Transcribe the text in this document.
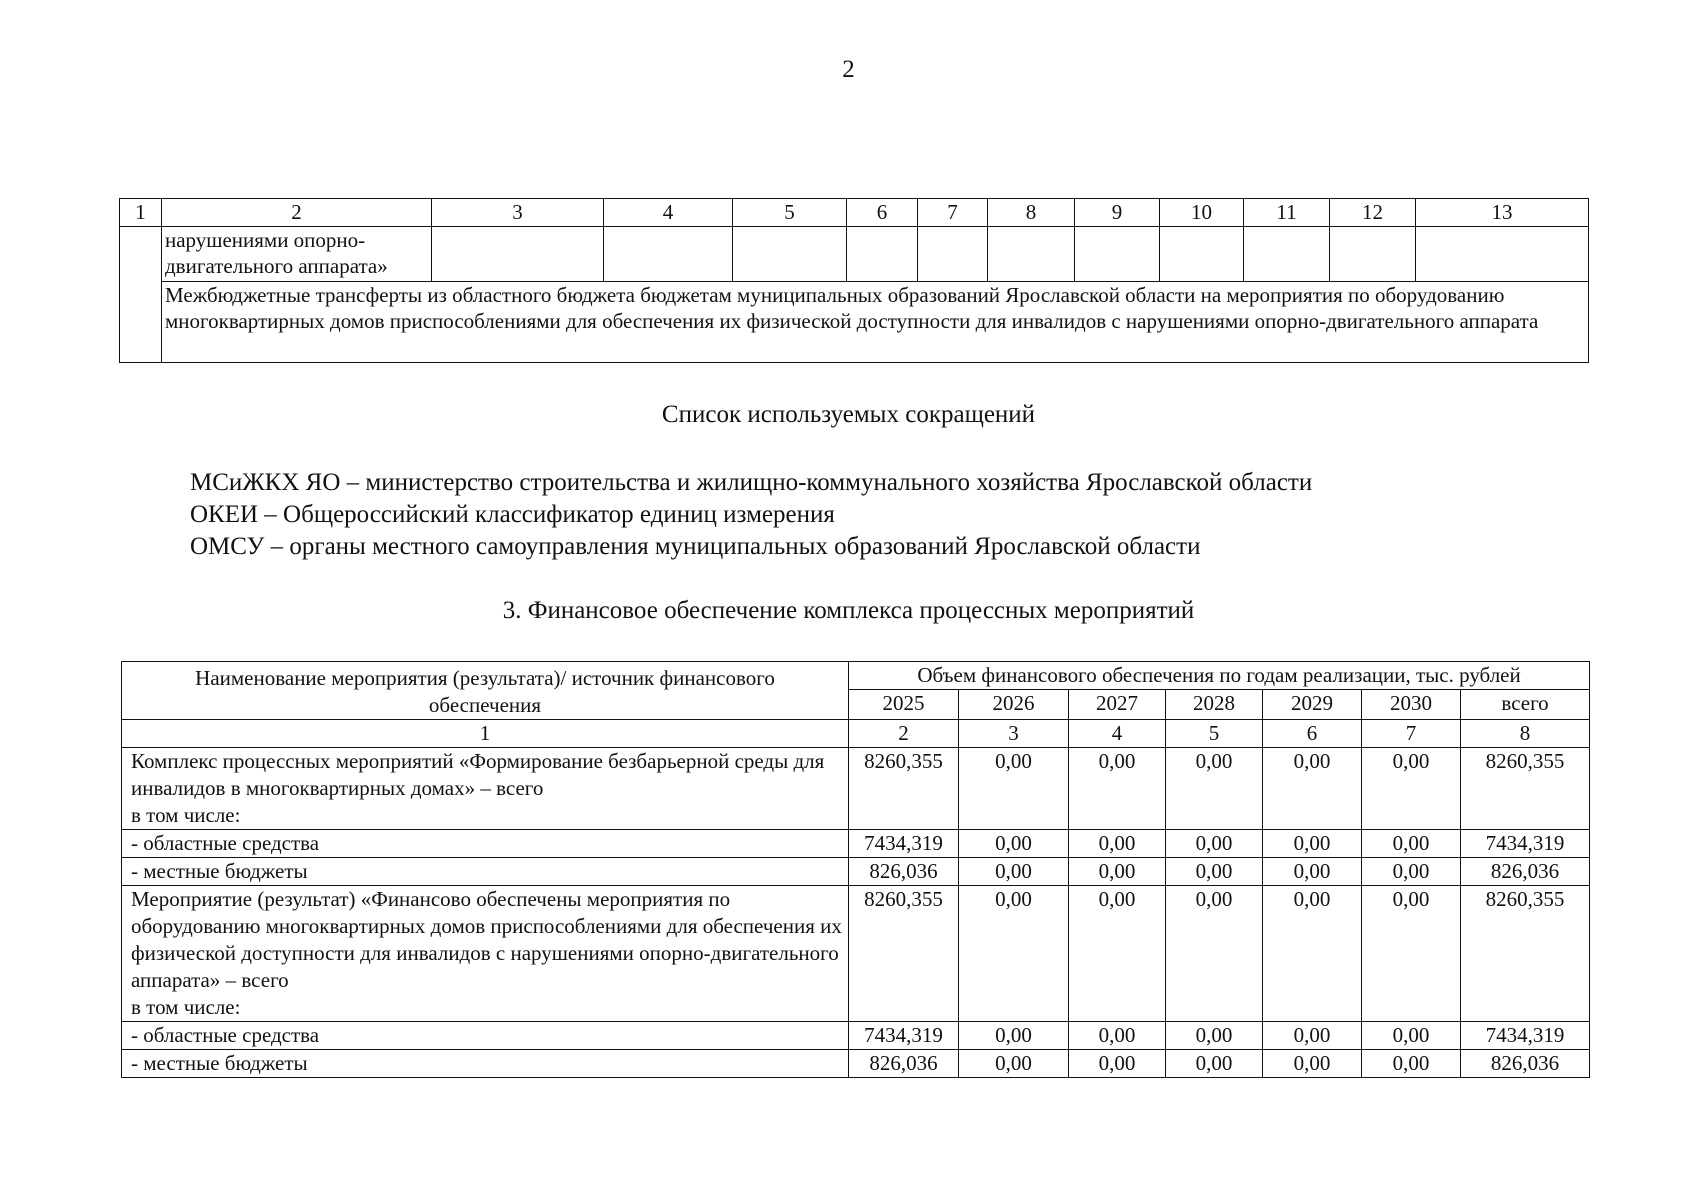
2
1	2	3	4	5	6	7	8	9	10	11	12	13
	нарушениями опорно-двигательного аппарата»											
	Межбюджетные трансферты из областного бюджета бюджетам муниципальных образований Ярославской области на мероприятия по оборудованию многоквартирных домов приспособлениями для обеспечения их физической доступности для инвалидов с нарушениями опорно-двигательного аппарата											
Список используемых сокращений
МСиЖКХ ЯО – министерство строительства и жилищно-коммунального хозяйства Ярославской области
ОКЕИ – Общероссийский классификатор единиц измерения
ОМСУ – органы местного самоуправления муниципальных образований Ярославской области
3. Финансовое обеспечение комплекса процессных мероприятий
Наименование мероприятия (результата)/ источник финансового обеспечения	Объем финансового обеспечения по годам реализации, тыс. рублей						
	2025	2026	2027	2028	2029	2030	всего
1	2	3	4	5	6	7	8
Комплекс процессных мероприятий «Формирование безбарьерной среды для инвалидов в многоквартирных домах» – всего
в том числе:	8260,355	0,00	0,00	0,00	0,00	0,00	8260,355
- областные средства	7434,319	0,00	0,00	0,00	0,00	0,00	7434,319
- местные бюджеты	826,036	0,00	0,00	0,00	0,00	0,00	826,036
Мероприятие (результат) «Финансово обеспечены мероприятия по оборудованию многоквартирных домов приспособлениями для обеспечения их физической доступности для инвалидов с нарушениями опорно-двигательного аппарата» – всего
в том числе:	8260,355	0,00	0,00	0,00	0,00	0,00	8260,355
- областные средства	7434,319	0,00	0,00	0,00	0,00	0,00	7434,319
- местные бюджеты	826,036	0,00	0,00	0,00	0,00	0,00	826,036
